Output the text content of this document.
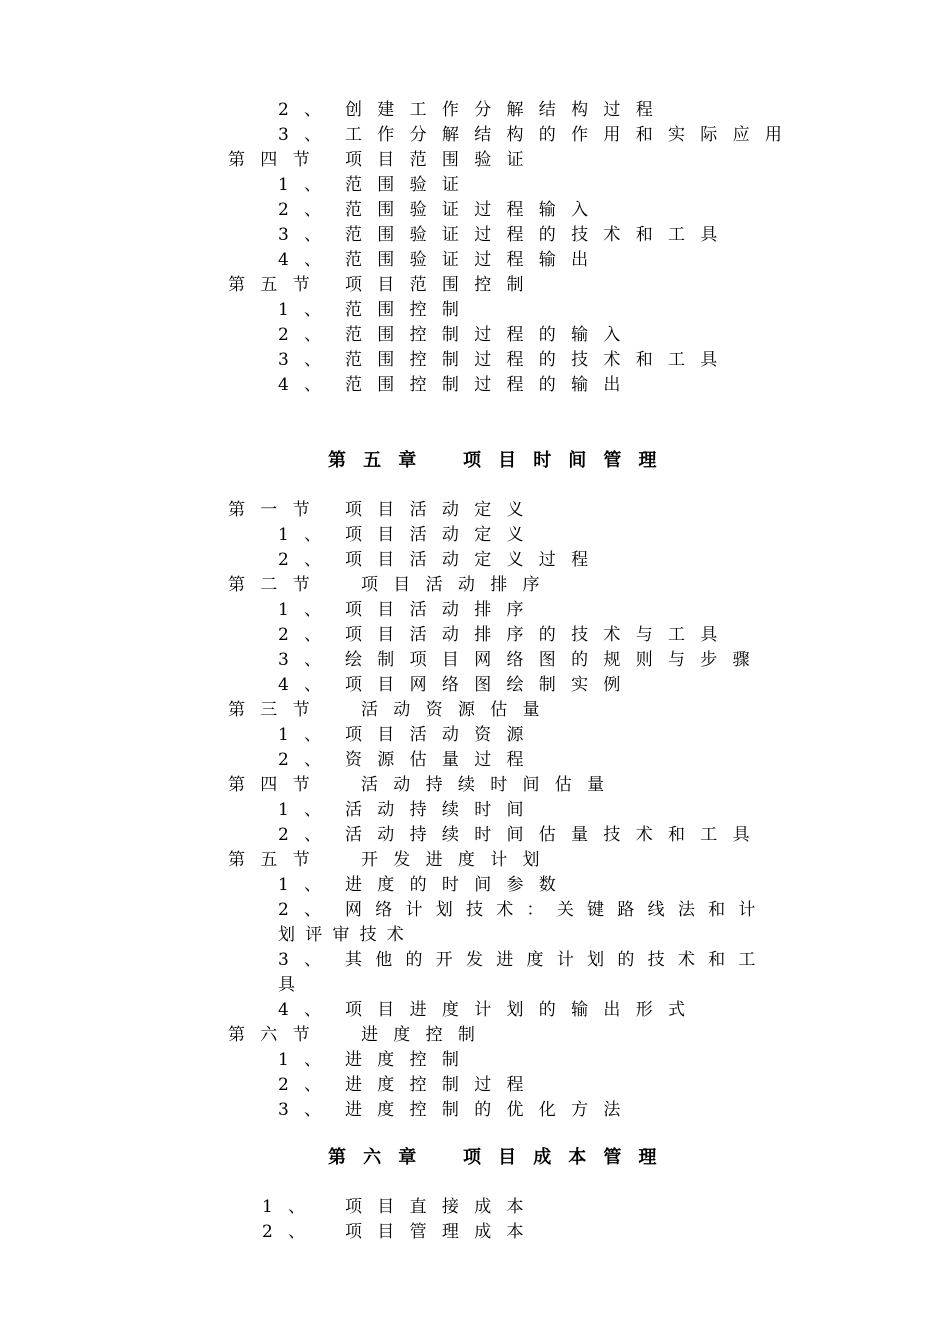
2、 创建工作分解结构过程
3、 工作分解结构的作用和实际应用
第四节 项目范围验证
1、 范围验证
2、 范围验证过程输入
3、 范围验证过程的技术和工具
4、 范围验证过程输出
第五节 项目范围控制
1、 范围控制
2、 范围控制过程的输入
3、 范围控制过程的技术和工具
4、 范围控制过程的输出
第五章 项目时间管理
第一节 项目活动定义
1、 项目活动定义
2、 项目活动定义过程
第二节 项目活动排序
1、 项目活动排序
2、 项目活动排序的技术与工具
3、 绘制项目网络图的规则与步骤
4、 项目网络图绘制实例
第三节 活动资源估量
1、 项目活动资源
2、 资源估量过程
第四节 活动持续时间估量
1、 活动持续时间
2、 活动持续时间估量技术和工具
第五节 开发进度计划
1、 进度的时间参数
2、 网络计划技术：关键路线法和计
划评审技术
3、 其他的开发进度计划的技术和工
具
4、 项目进度计划的输出形式
第六节 进度控制
1、 进度控制
2、 进度控制过程
3、 进度控制的优化方法
第六章 项目成本管理
1、 项目直接成本
2、 项目管理成本
